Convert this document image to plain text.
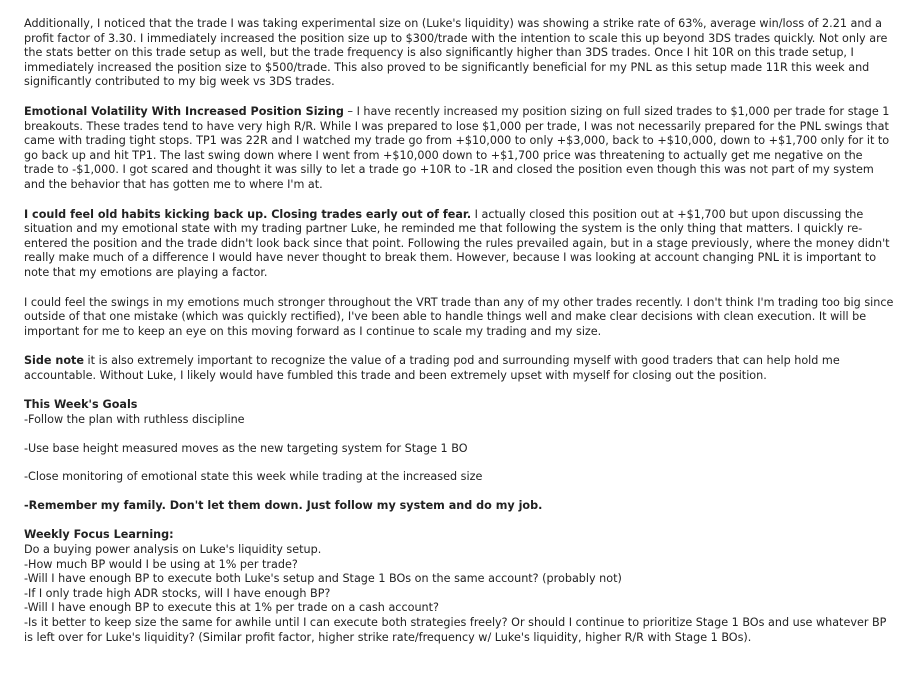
Additionally, I noticed that the trade I was taking experimental size on (Luke's liquidity) was showing a strike rate of 63%, average win/loss of 2.21 and a profit factor of 3.30. I immediately increased the position size up to $300/trade with the intention to scale this up beyond 3DS trades quickly. Not only are the stats better on this trade setup as well, but the trade frequency is also significantly higher than 3DS trades. Once I hit 10R on this trade setup, I immediately increased the position size to $500/trade. This also proved to be significantly beneficial for my PNL as this setup made 11R this week and significantly contributed to my big week vs 3DS trades.

Emotional Volatility With Increased Position Sizing – I have recently increased my position sizing on full sized trades to $1,000 per trade for stage 1 breakouts. These trades tend to have very high R/R. While I was prepared to lose $1,000 per trade, I was not necessarily prepared for the PNL swings that came with trading tight stops. TP1 was 22R and I watched my trade go from +$10,000 to only +$3,000, back to +$10,000, down to +$1,700 only for it to go back up and hit TP1. The last swing down where I went from +$10,000 down to +$1,700 price was threatening to actually get me negative on the trade to -$1,000. I got scared and thought it was silly to let a trade go +10R to -1R and closed the position even though this was not part of my system and the behavior that has gotten me to where I'm at.

I could feel old habits kicking back up. Closing trades early out of fear. I actually closed this position out at +$1,700 but upon discussing the situation and my emotional state with my trading partner Luke, he reminded me that following the system is the only thing that matters. I quickly re-entered the position and the trade didn't look back since that point. Following the rules prevailed again, but in a stage previously, where the money didn't really make much of a difference I would have never thought to break them. However, because I was looking at account changing PNL it is important to note that my emotions are playing a factor.

I could feel the swings in my emotions much stronger throughout the VRT trade than any of my other trades recently. I don't think I'm trading too big since outside of that one mistake (which was quickly rectified), I've been able to handle things well and make clear decisions with clean execution. It will be important for me to keep an eye on this moving forward as I continue to scale my trading and my size.

Side note it is also extremely important to recognize the value of a trading pod and surrounding myself with good traders that can help hold me accountable. Without Luke, I likely would have fumbled this trade and been extremely upset with myself for closing out the position.

This Week's Goals
-Follow the plan with ruthless discipline
-Use base height measured moves as the new targeting system for Stage 1 BO
-Close monitoring of emotional state this week while trading at the increased size
-Remember my family. Don't let them down. Just follow my system and do my job.
Weekly Focus Learning:
Do a buying power analysis on Luke's liquidity setup.
-How much BP would I be using at 1% per trade?
-Will I have enough BP to execute both Luke's setup and Stage 1 BOs on the same account? (probably not)
-If I only trade high ADR stocks, will I have enough BP?
-Will I have enough BP to execute this at 1% per trade on a cash account?
-Is it better to keep size the same for awhile until I can execute both strategies freely? Or should I continue to prioritize Stage 1 BOs and use whatever BP is left over for Luke's liquidity? (Similar profit factor, higher strike rate/frequency w/ Luke's liquidity, higher R/R with Stage 1 BOs).
